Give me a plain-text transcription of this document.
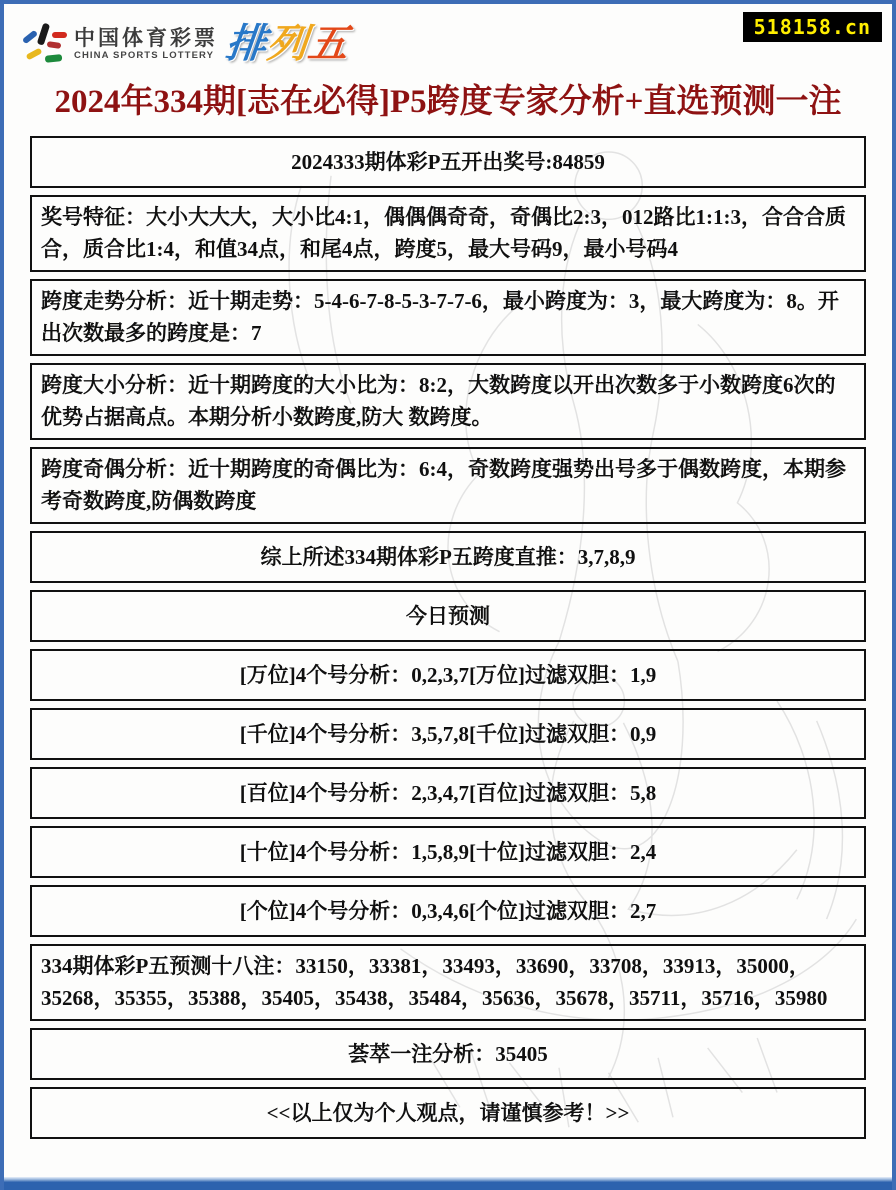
中国体育彩票
CHINA SPORTS LOTTERY 排列五	518158.cn
2024年334期[志在必得]P5跨度专家分析+直选预测一注
2024333期体彩P五开出奖号:84859
奖号特征：大小大大大，大小比4:1，偶偶偶奇奇，奇偶比2:3，012路比1:1:3，合合合质合，质合比1:4，和值34点，和尾4点，跨度5，最大号码9，最小号码4
跨度走势分析：近十期走势：5-4-6-7-8-5-3-7-7-6，最小跨度为：3，最大跨度为：8。开出次数最多的跨度是：7
跨度大小分析：近十期跨度的大小比为：8:2，大数跨度以开出次数多于小数跨度6次的优势占据高点。本期分析小数跨度,防大 数跨度。
跨度奇偶分析：近十期跨度的奇偶比为：6:4，奇数跨度强势出号多于偶数跨度，本期参考奇数跨度,防偶数跨度
综上所述334期体彩P五跨度直推：3,7,8,9
今日预测
[万位]4个号分析：0,2,3,7[万位]过滤双胆：1,9
[千位]4个号分析：3,5,7,8[千位]过滤双胆：0,9
[百位]4个号分析：2,3,4,7[百位]过滤双胆：5,8
[十位]4个号分析：1,5,8,9[十位]过滤双胆：2,4
[个位]4个号分析：0,3,4,6[个位]过滤双胆：2,7
334期体彩P五预测十八注：33150，33381，33493，33690，33708，33913，35000，35268，35355，35388，35405，35438，35484，35636，35678，35711，35716，35980
荟萃一注分析：35405
<<以上仅为个人观点，请谨慎参考！>>
